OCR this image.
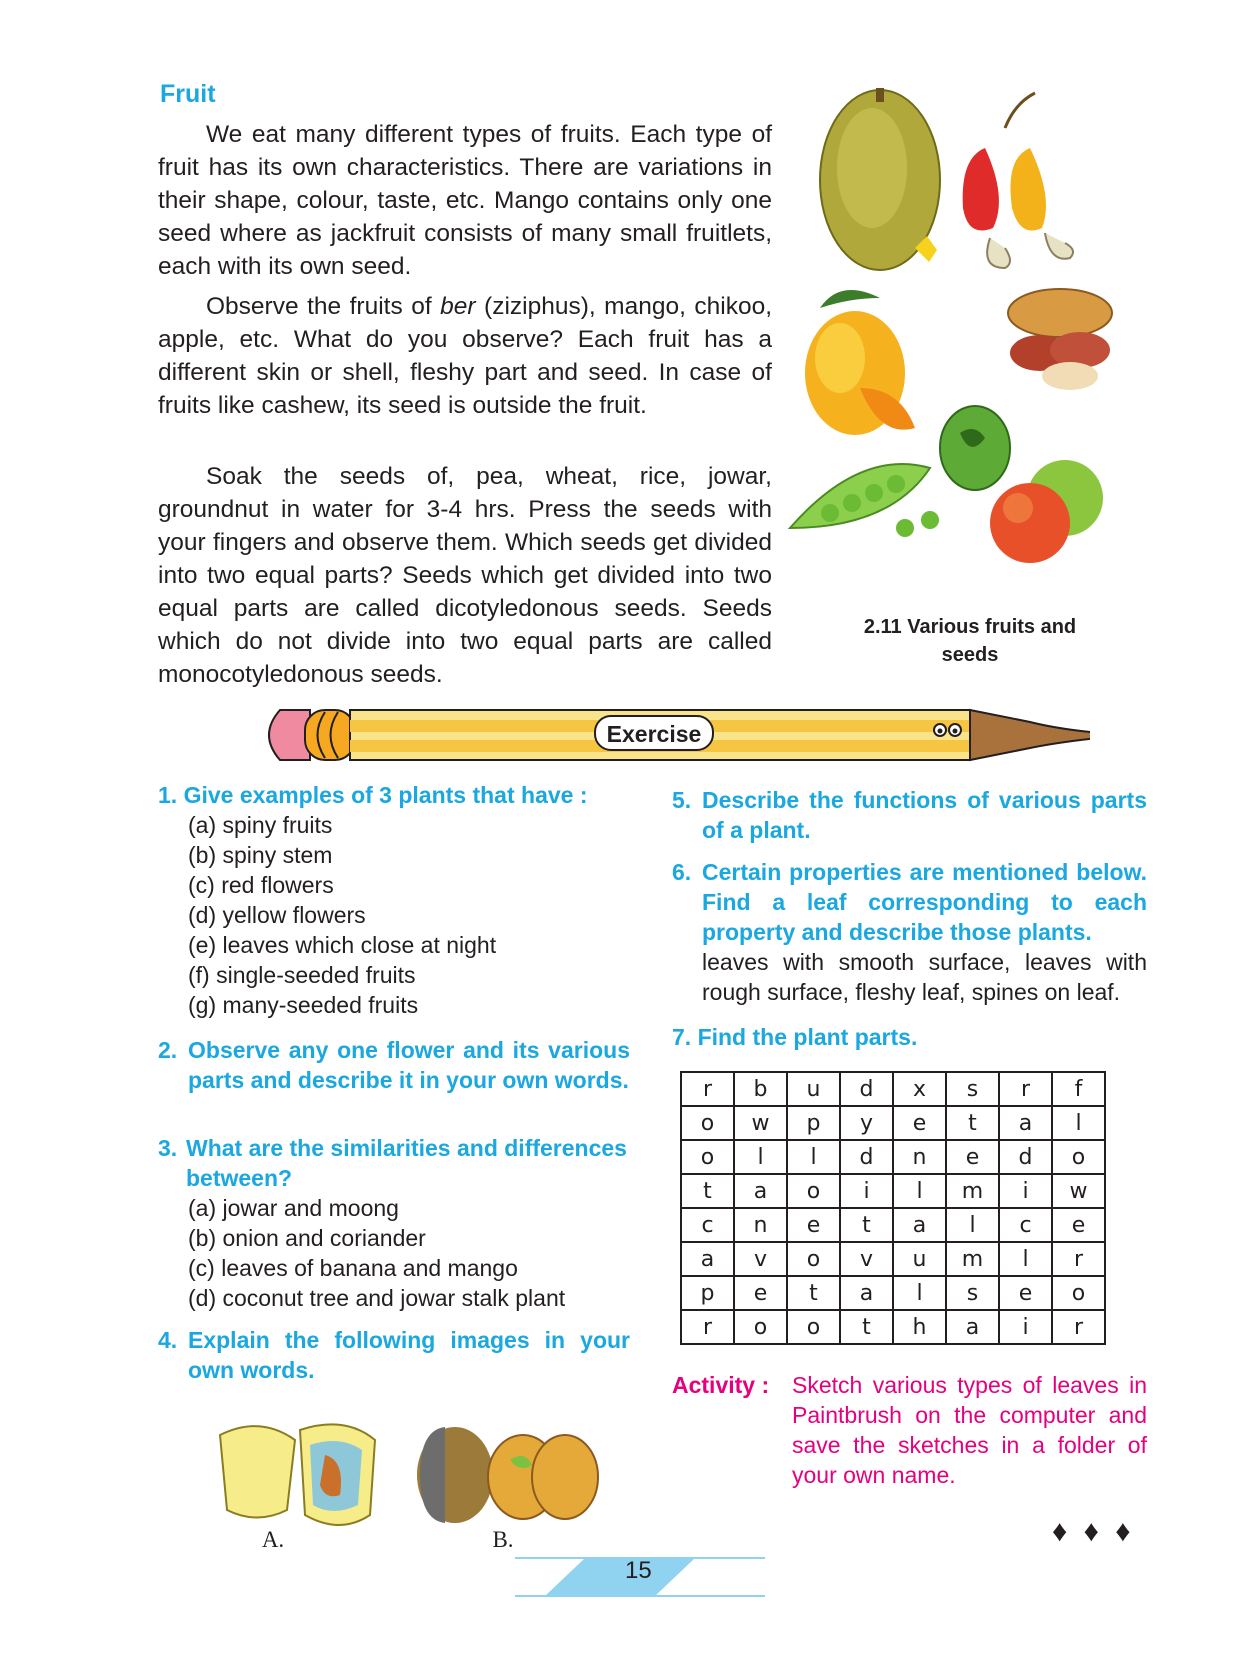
Fruit

We eat many different types of fruits. Each type of fruit has its own characteristics. There are variations in their shape, colour, taste, etc. Mango contains only one seed where as jackfruit consists of many small fruitlets, each with its own seed.

Observe the fruits of ber (ziziphus), mango, chikoo, apple, etc. What do you observe? Each fruit has a different skin or shell, fleshy part and seed. In case of fruits like cashew, its seed is outside the fruit.

Soak the seeds of, pea, wheat, rice, jowar, groundnut in water for 3-4 hrs. Press the seeds with your fingers and observe them. Which seeds get divided into two equal parts? Seeds which get divided into two equal parts are called dicotyledonous seeds. Seeds which do not divide into two equal parts are called monocotyledonous seeds.

2.11 Various fruits and
seeds
Exercise
1. Give examples of 3 plants that have :
(a) spiny fruits
(b) spiny stem
(c) red flowers
(d) yellow flowers
(e) leaves which close at night
(f) single-seeded fruits
(g) many-seeded fruits
2. Observe any one flower and its various parts and describe it in your own words.
3. What are the similarities and differences between?
(a) jowar and moong
(b) onion and coriander
(c) leaves of banana and mango
(d) coconut tree and jowar stalk plant
4. Explain the following images in your own words.
A.	B.
5. Describe the functions of various parts of a plant.
6. Certain properties are mentioned below. Find a leaf corresponding to each property and describe those plants.
leaves with smooth surface, leaves with rough surface, fleshy leaf, spines on leaf.
7. Find the plant parts.
r	b	u	d	x	s	r	f
o	w	p	y	e	t	a	l
o	l	l	d	n	e	d	o
t	a	o	i	l	m	i	w
c	n	e	t	a	l	c	e
a	v	o	v	u	m	l	r
p	e	t	a	l	s	e	o
r	o	o	t	h	a	i	r
Activity : Sketch various types of leaves in Paintbrush on the computer and save the sketches in a folder of your own name.
♦ ♦ ♦
15
